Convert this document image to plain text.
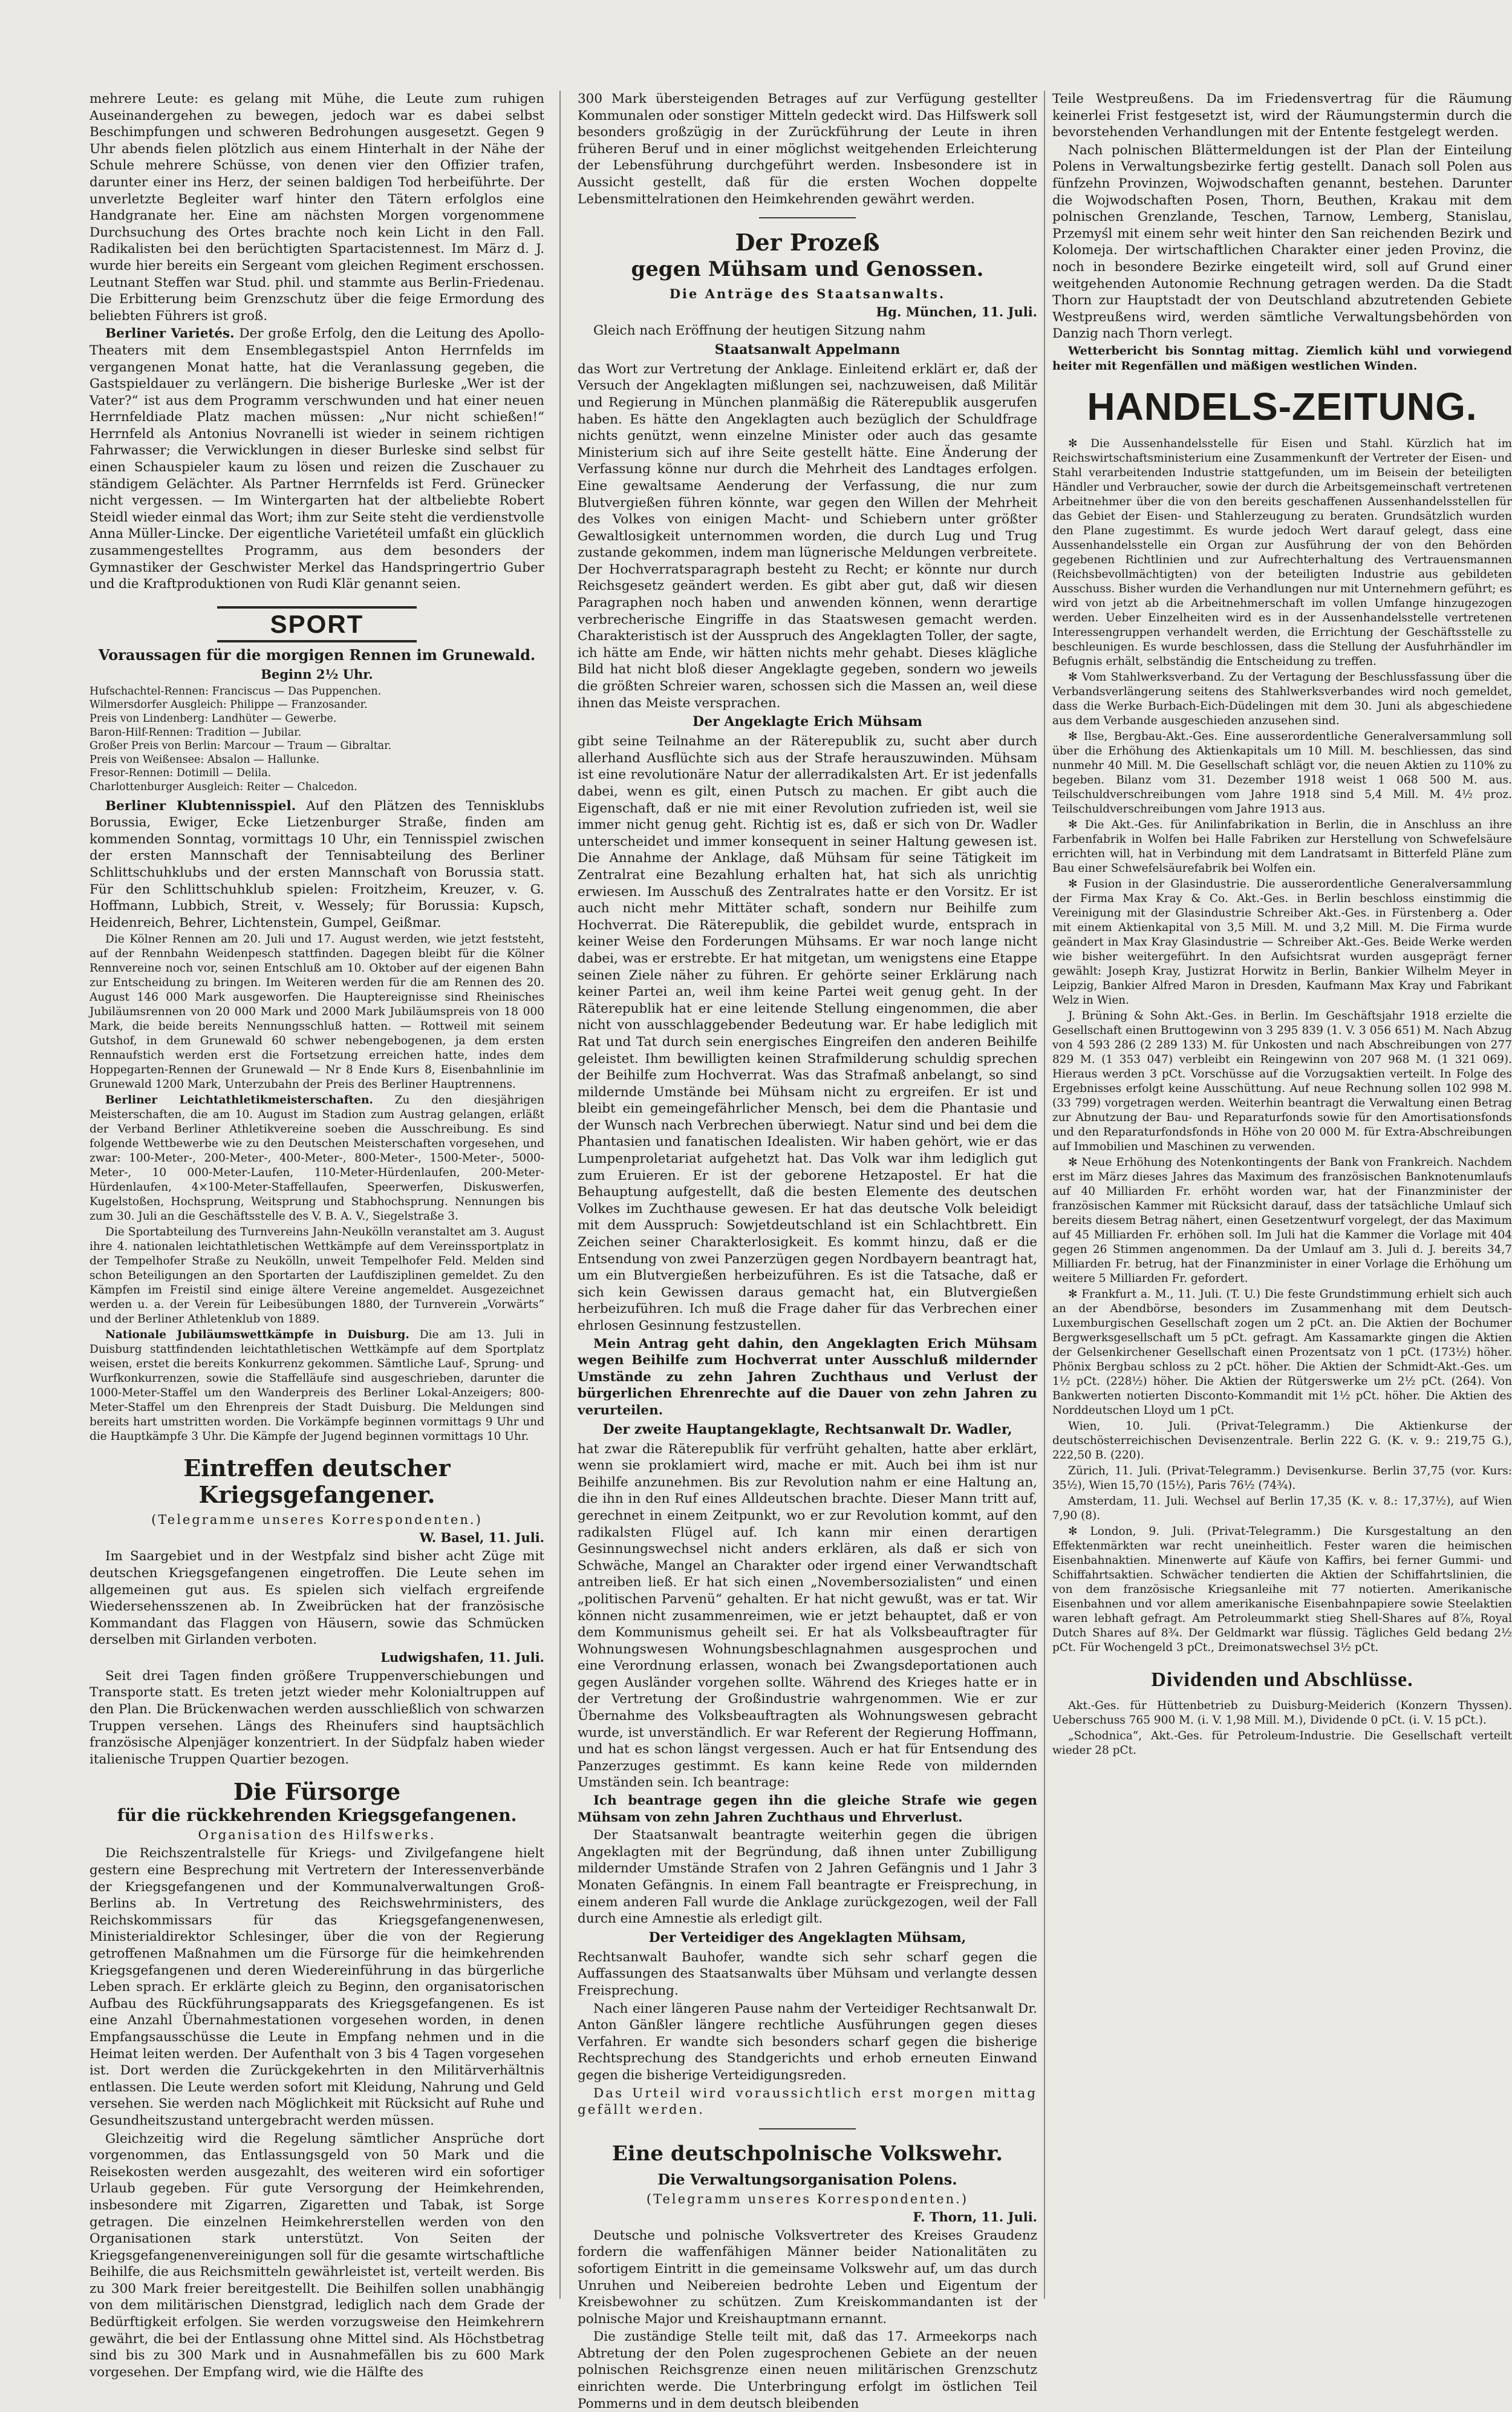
mehrere Leute: es gelang mit Mühe, die Leute zum ruhigen Auseinandergehen zu bewegen, jedoch war es dabei selbst Beschimpfungen und schweren Bedrohungen ausgesetzt. Gegen 9 Uhr abends fielen plötzlich aus einem Hinterhalt in der Nähe der Schule mehrere Schüsse, von denen vier den Offizier trafen, darunter einer ins Herz, der seinen baldigen Tod herbeiführte. Der unverletzte Begleiter warf hinter den Tätern erfolglos eine Handgranate her. Eine am nächsten Morgen vorgenommene Durchsuchung des Ortes brachte noch kein Licht in den Fall. Radikalisten bei den berüchtigten Spartacistennest. Im März d. J. wurde hier bereits ein Sergeant vom gleichen Regiment erschossen. Leutnant Steffen war Stud. phil. und stammte aus Berlin-Friedenau. Die Erbitterung beim Grenzschutz über die feige Ermordung des beliebten Führers ist groß.

Berliner Varietés. Der große Erfolg, den die Leitung des Apollo-Theaters mit dem Ensemblegastspiel Anton Herrnfelds im vergangenen Monat hatte, hat die Veranlassung gegeben, die Gastspieldauer zu verlängern. Die bisherige Burleske „Wer ist der Vater?“ ist aus dem Programm verschwunden und hat einer neuen Herrnfeldiade Platz machen müssen: „Nur nicht schießen!“ Herrnfeld als Antonius Novranelli ist wieder in seinem richtigen Fahrwasser; die Verwicklungen in dieser Burleske sind selbst für einen Schauspieler kaum zu lösen und reizen die Zuschauer zu ständigem Gelächter. Als Partner Herrnfelds ist Ferd. Grünecker nicht vergessen. — Im Wintergarten hat der altbeliebte Robert Steidl wieder einmal das Wort; ihm zur Seite steht die verdienstvolle Anna Müller-Lincke. Der eigentliche Varietéteil umfaßt ein glücklich zusammengestelltes Programm, aus dem besonders der Gymnastiker der Geschwister Merkel das Handspringertrio Guber und die Kraftproduktionen von Rudi Klär genannt seien.

SPORT
Voraussagen für die morgigen Rennen im Grunewald.
Beginn 2½ Uhr.
Hufschachtel-Rennen: Franciscus — Das Puppenchen.
Wilmersdorfer Ausgleich: Philippe — Franzosander.
Preis von Lindenberg: Landhüter — Gewerbe.
Baron-Hilf-Rennen: Tradition — Jubilar.
Großer Preis von Berlin: Marcour — Traum — Gibraltar.
Preis von Weißensee: Absalon — Hallunke.
Fresor-Rennen: Dotimill — Delila.
Charlottenburger Ausgleich: Reiter — Chalcedon.

Berliner Klubtennisspiel. Auf den Plätzen des Tennisklubs Borussia, Ewiger, Ecke Lietzenburger Straße, finden am kommenden Sonntag, vormittags 10 Uhr, ein Tennisspiel zwischen der ersten Mannschaft der Tennisabteilung des Berliner Schlittschuhklubs und der ersten Mannschaft von Borussia statt. Für den Schlittschuhklub spielen: Froitzheim, Kreuzer, v. G. Hoffmann, Lubbich, Streit, v. Wessely; für Borussia: Kupsch, Heidenreich, Behrer, Lichtenstein, Gumpel, Geißmar.

Die Kölner Rennen am 20. Juli und 17. August werden, wie jetzt feststeht, auf der Rennbahn Weidenpesch stattfinden. Dagegen bleibt für die Kölner Rennvereine noch vor, seinen Entschluß am 10. Oktober auf der eigenen Bahn zur Entscheidung zu bringen. Im Weiteren werden für die am Rennen des 20. August 146 000 Mark ausgeworfen. Die Hauptereignisse sind Rheinisches Jubiläumsrennen von 20 000 Mark und 2000 Mark Jubiläumspreis von 18 000 Mark, die beide bereits Nennungsschluß hatten. — Rottweil mit seinem Gutshof, in dem Grunewald 60 schwer nebengebogenen, ja dem ersten Rennaufstich werden erst die Fortsetzung erreichen hatte, indes dem Hoppegarten-Rennen der Grunewald — Nr 8 Ende Kurs 8, Eisenbahnlinie im Grunewald 1200 Mark, Unterzubahn der Preis des Berliner Hauptrennens.

Berliner Leichtathletikmeisterschaften. Zu den diesjährigen Meisterschaften, die am 10. August im Stadion zum Austrag gelangen, erläßt der Verband Berliner Athletikvereine soeben die Ausschreibung. Es sind folgende Wettbewerbe wie zu den Deutschen Meisterschaften vorgesehen, und zwar: 100-Meter-, 200-Meter-, 400-Meter-, 800-Meter-, 1500-Meter-, 5000-Meter-, 10 000-Meter-Laufen, 110-Meter-Hürdenlaufen, 200-Meter-Hürdenlaufen, 4×100-Meter-Staffellaufen, Speerwerfen, Diskuswerfen, Kugelstoßen, Hochsprung, Weitsprung und Stabhochsprung. Nennungen bis zum 30. Juli an die Geschäftsstelle des V. B. A. V., Siegelstraße 3.

Die Sportabteilung des Turnvereins Jahn-Neukölln veranstaltet am 3. August ihre 4. nationalen leichtathletischen Wettkämpfe auf dem Vereinssportplatz in der Tempelhofer Straße zu Neukölln, unweit Tempelhofer Feld. Melden sind schon Beteiligungen an den Sportarten der Laufdisziplinen gemeldet. Zu den Kämpfen im Freistil sind einige ältere Vereine angemeldet. Ausgezeichnet werden u. a. der Verein für Leibesübungen 1880, der Turnverein „Vorwärts“ und der Berliner Athletenklub von 1889.

Nationale Jubiläumswettkämpfe in Duisburg. Die am 13. Juli in Duisburg stattfindenden leichtathletischen Wettkämpfe auf dem Sportplatz weisen, erstet die bereits Konkurrenz gekommen. Sämtliche Lauf-, Sprung- und Wurfkonkurrenzen, sowie die Staffelläufe sind ausgeschrieben, darunter die 1000-Meter-Staffel um den Wanderpreis des Berliner Lokal-Anzeigers; 800-Meter-Staffel um den Ehrenpreis der Stadt Duisburg. Die Meldungen sind bereits hart umstritten worden. Die Vorkämpfe beginnen vormittags 9 Uhr und die Hauptkämpfe 3 Uhr. Die Kämpfe der Jugend beginnen vormittags 10 Uhr.

Eintreffen deutscher Kriegsgefangener.
(Telegramme unseres Korrespondenten.)
W. Basel, 11. Juli.

Im Saargebiet und in der Westpfalz sind bisher acht Züge mit deutschen Kriegsgefangenen eingetroffen. Die Leute sehen im allgemeinen gut aus. Es spielen sich vielfach ergreifende Wiedersehensszenen ab. In Zweibrücken hat der französische Kommandant das Flaggen von Häusern, sowie das Schmücken derselben mit Girlanden verboten.

Ludwigshafen, 11. Juli.

Seit drei Tagen finden größere Truppenverschiebungen und Transporte statt. Es treten jetzt wieder mehr Kolonialtruppen auf den Plan. Die Brückenwachen werden ausschließlich von schwarzen Truppen versehen. Längs des Rheinufers sind hauptsächlich französische Alpenjäger konzentriert. In der Südpfalz haben wieder italienische Truppen Quartier bezogen.

Die Fürsorge
für die rückkehrenden Kriegsgefangenen.
Organisation des Hilfswerks.

Die Reichszentralstelle für Kriegs- und Zivilgefangene hielt gestern eine Besprechung mit Vertretern der Interessenverbände der Kriegsgefangenen und der Kommunalverwaltungen Groß-Berlins ab. In Vertretung des Reichswehrministers, des Reichskommissars für das Kriegsgefangenenwesen, Ministerialdirektor Schlesinger, über die von der Regierung getroffenen Maßnahmen um die Fürsorge für die heimkehrenden Kriegsgefangenen und deren Wiedereinführung in das bürgerliche Leben sprach. Er erklärte gleich zu Beginn, den organisatorischen Aufbau des Rückführungsapparats des Kriegsgefangenen. Es ist eine Anzahl Übernahmestationen vorgesehen worden, in denen Empfangsausschüsse die Leute in Empfang nehmen und in die Heimat leiten werden. Der Aufenthalt von 3 bis 4 Tagen vorgesehen ist. Dort werden die Zurückgekehrten in den Militärverhältnis entlassen. Die Leute werden sofort mit Kleidung, Nahrung und Geld versehen. Sie werden nach Möglichkeit mit Rücksicht auf Ruhe und Gesundheitszustand untergebracht werden müssen.

Gleichzeitig wird die Regelung sämtlicher Ansprüche dort vorgenommen, das Entlassungsgeld von 50 Mark und die Reisekosten werden ausgezahlt, des weiteren wird ein sofortiger Urlaub gegeben. Für gute Versorgung der Heimkehrenden, insbesondere mit Zigarren, Zigaretten und Tabak, ist Sorge getragen. Die einzelnen Heimkehrerstellen werden von den Organisationen stark unterstützt. Von Seiten der Kriegsgefangenenvereinigungen soll für die gesamte wirtschaftliche Beihilfe, die aus Reichsmitteln gewährleistet ist, verteilt werden. Bis zu 300 Mark freier bereitgestellt. Die Beihilfen sollen unabhängig von dem militärischen Dienstgrad, lediglich nach dem Grade der Bedürftigkeit erfolgen. Sie werden vorzugsweise den Heimkehrern gewährt, die bei der Entlassung ohne Mittel sind. Als Höchstbetrag sind bis zu 300 Mark und in Ausnahmefällen bis zu 600 Mark vorgesehen. Der Empfang wird, wie die Hälfte des

300 Mark übersteigenden Betrages auf zur Verfügung gestellter Kommunalen oder sonstiger Mitteln gedeckt wird. Das Hilfswerk soll besonders großzügig in der Zurückführung der Leute in ihren früheren Beruf und in einer möglichst weitgehenden Erleichterung der Lebensführung durchgeführt werden. Insbesondere ist in Aussicht gestellt, daß für die ersten Wochen doppelte Lebensmittelrationen den Heimkehrenden gewährt werden.

Der Prozeß
gegen Mühsam und Genossen.
Die Anträge des Staatsanwalts.
Hg. München, 11. Juli.

Gleich nach Eröffnung der heutigen Sitzung nahm

Staatsanwalt Appelmann

das Wort zur Vertretung der Anklage. Einleitend erklärt er, daß der Versuch der Angeklagten mißlungen sei, nachzuweisen, daß Militär und Regierung in München planmäßig die Räterepublik ausgerufen haben. Es hätte den Angeklagten auch bezüglich der Schuldfrage nichts genützt, wenn einzelne Minister oder auch das gesamte Ministerium sich auf ihre Seite gestellt hätte. Eine Änderung der Verfassung könne nur durch die Mehrheit des Landtages erfolgen. Eine gewaltsame Aenderung der Verfassung, die nur zum Blutvergießen führen könnte, war gegen den Willen der Mehrheit des Volkes von einigen Macht- und Schiebern unter größter Gewaltlosigkeit unternommen worden, die durch Lug und Trug zustande gekommen, indem man lügnerische Meldungen verbreitete. Der Hochverratsparagraph besteht zu Recht; er könnte nur durch Reichsgesetz geändert werden. Es gibt aber gut, daß wir diesen Paragraphen noch haben und anwenden können, wenn derartige verbrecherische Eingriffe in das Staatswesen gemacht werden. Charakteristisch ist der Ausspruch des Angeklagten Toller, der sagte, ich hätte am Ende, wir hätten nichts mehr gehabt. Dieses klägliche Bild hat nicht bloß dieser Angeklagte gegeben, sondern wo jeweils die größten Schreier waren, schossen sich die Massen an, weil diese ihnen das Meiste versprachen.

Der Angeklagte Erich Mühsam

gibt seine Teilnahme an der Räterepublik zu, sucht aber durch allerhand Ausflüchte sich aus der Strafe herauszuwinden. Mühsam ist eine revolutionäre Natur der allerradikalsten Art. Er ist jedenfalls dabei, wenn es gilt, einen Putsch zu machen. Er gibt auch die Eigenschaft, daß er nie mit einer Revolution zufrieden ist, weil sie immer nicht genug geht. Richtig ist es, daß er sich von Dr. Wadler unterscheidet und immer konsequent in seiner Haltung gewesen ist. Die Annahme der Anklage, daß Mühsam für seine Tätigkeit im Zentralrat eine Bezahlung erhalten hat, hat sich als unrichtig erwiesen. Im Ausschuß des Zentralrates hatte er den Vorsitz. Er ist auch nicht mehr Mittäter schaft, sondern nur Beihilfe zum Hochverrat. Die Räterepublik, die gebildet wurde, entsprach in keiner Weise den Forderungen Mühsams. Er war noch lange nicht dabei, was er erstrebte. Er hat mitgetan, um wenigstens eine Etappe seinen Ziele näher zu führen. Er gehörte seiner Erklärung nach keiner Partei an, weil ihm keine Partei weit genug geht. In der Räterepublik hat er eine leitende Stellung eingenommen, die aber nicht von ausschlaggebender Bedeutung war. Er habe lediglich mit Rat und Tat durch sein energisches Eingreifen den anderen Beihilfe geleistet. Ihm bewilligten keinen Strafmilderung schuldig sprechen der Beihilfe zum Hochverrat. Was das Strafmaß anbelangt, so sind mildernde Umstände bei Mühsam nicht zu ergreifen. Er ist und bleibt ein gemeingefährlicher Mensch, bei dem die Phantasie und der Wunsch nach Verbrechen überwiegt. Natur sind und bei dem die Phantasien und fanatischen Idealisten. Wir haben gehört, wie er das Lumpenproletariat aufgehetzt hat. Das Volk war ihm lediglich gut zum Eruieren. Er ist der geborene Hetzapostel. Er hat die Behauptung aufgestellt, daß die besten Elemente des deutschen Volkes im Zuchthause gewesen. Er hat das deutsche Volk beleidigt mit dem Ausspruch: Sowjetdeutschland ist ein Schlachtbrett. Ein Zeichen seiner Charakterlosigkeit. Es kommt hinzu, daß er die Entsendung von zwei Panzerzügen gegen Nordbayern beantragt hat, um ein Blutvergießen herbeizuführen. Es ist die Tatsache, daß er sich kein Gewissen daraus gemacht hat, ein Blutvergießen herbeizuführen. Ich muß die Frage daher für das Verbrechen einer ehrlosen Gesinnung festzustellen.

Mein Antrag geht dahin, den Angeklagten Erich Mühsam wegen Beihilfe zum Hochverrat unter Ausschluß mildernder Umstände zu zehn Jahren Zuchthaus und Verlust der bürgerlichen Ehrenrechte auf die Dauer von zehn Jahren zu verurteilen.

Der zweite Hauptangeklagte, Rechtsanwalt Dr. Wadler,

hat zwar die Räterepublik für verfrüht gehalten, hatte aber erklärt, wenn sie proklamiert wird, mache er mit. Auch bei ihm ist nur Beihilfe anzunehmen. Bis zur Revolution nahm er eine Haltung an, die ihn in den Ruf eines Alldeutschen brachte. Dieser Mann tritt auf, gerechnet in einem Zeitpunkt, wo er zur Revolution kommt, auf den radikalsten Flügel auf. Ich kann mir einen derartigen Gesinnungswechsel nicht anders erklären, als daß er sich von Schwäche, Mangel an Charakter oder irgend einer Verwandtschaft antreiben ließ. Er hat sich einen „Novembersozialisten“ und einen „politischen Parvenü“ gehalten. Er hat nicht gewußt, was er tat. Wir können nicht zusammenreimen, wie er jetzt behauptet, daß er von dem Kommunismus geheilt sei. Er hat als Volksbeauftragter für Wohnungswesen Wohnungsbeschlagnahmen ausgesprochen und eine Verordnung erlassen, wonach bei Zwangsdeportationen auch gegen Ausländer vorgehen sollte. Während des Krieges hatte er in der Vertretung der Großindustrie wahrgenommen. Wie er zur Übernahme des Volksbeauftragten als Wohnungswesen gebracht wurde, ist unverständlich. Er war Referent der Regierung Hoffmann, und hat es schon längst vergessen. Auch er hat für Entsendung des Panzerzuges gestimmt. Es kann keine Rede von mildernden Umständen sein. Ich beantrage:

Ich beantrage gegen ihn die gleiche Strafe wie gegen Mühsam von zehn Jahren Zuchthaus und Ehrverlust.

Der Staatsanwalt beantragte weiterhin gegen die übrigen Angeklagten mit der Begründung, daß ihnen unter Zubilligung mildernder Umstände Strafen von 2 Jahren Gefängnis und 1 Jahr 3 Monaten Gefängnis. In einem Fall beantragte er Freisprechung, in einem anderen Fall wurde die Anklage zurückgezogen, weil der Fall durch eine Amnestie als erledigt gilt.

Der Verteidiger des Angeklagten Mühsam,

Rechtsanwalt Bauhofer, wandte sich sehr scharf gegen die Auffassungen des Staatsanwalts über Mühsam und verlangte dessen Freisprechung.

Nach einer längeren Pause nahm der Verteidiger Rechtsanwalt Dr. Anton Gänßler längere rechtliche Ausführungen gegen dieses Verfahren. Er wandte sich besonders scharf gegen die bisherige Rechtsprechung des Standgerichts und erhob erneuten Einwand gegen die bisherige Verteidigungsreden.

Das Urteil wird voraussichtlich erst morgen mittag gefällt werden.

Eine deutschpolnische Volkswehr.
Die Verwaltungsorganisation Polens.
(Telegramm unseres Korrespondenten.)
F. Thorn, 11. Juli.

Deutsche und polnische Volksvertreter des Kreises Graudenz fordern die waffenfähigen Männer beider Nationalitäten zu sofortigem Eintritt in die gemeinsame Volkswehr auf, um das durch Unruhen und Neibereien bedrohte Leben und Eigentum der Kreisbewohner zu schützen. Zum Kreiskommandanten ist der polnische Major und Kreishauptmann ernannt.

Die zuständige Stelle teilt mit, daß das 17. Armeekorps nach Abtretung der den Polen zugesprochenen Gebiete an der neuen polnischen Reichsgrenze einen neuen militärischen Grenzschutz einrichten werde. Die Unterbringung erfolgt im östlichen Teil Pommerns und in dem deutsch bleibenden

Teile Westpreußens. Da im Friedensvertrag für die Räumung keinerlei Frist festgesetzt ist, wird der Räumungstermin durch die bevorstehenden Verhandlungen mit der Entente festgelegt werden.

Nach polnischen Blättermeldungen ist der Plan der Einteilung Polens in Verwaltungsbezirke fertig gestellt. Danach soll Polen aus fünfzehn Provinzen, Wojwodschaften genannt, bestehen. Darunter die Wojwodschaften Posen, Thorn, Beuthen, Krakau mit dem polnischen Grenzlande, Teschen, Tarnow, Lemberg, Stanislau, Przemyśl mit einem sehr weit hinter den San reichenden Bezirk und Kolomeja. Der wirtschaftlichen Charakter einer jeden Provinz, die noch in besondere Bezirke eingeteilt wird, soll auf Grund einer weitgehenden Autonomie Rechnung getragen werden. Da die Stadt Thorn zur Hauptstadt der von Deutschland abzutretenden Gebiete Westpreußens wird, werden sämtliche Verwaltungsbehörden von Danzig nach Thorn verlegt.

Wetterbericht bis Sonntag mittag. Ziemlich kühl und vorwiegend heiter mit Regenfällen und mäßigen westlichen Winden.

HANDELS-ZEITUNG.

✻ Die Aussenhandelsstelle für Eisen und Stahl. Kürzlich hat im Reichswirtschaftsministerium eine Zusammenkunft der Vertreter der Eisen- und Stahl verarbeitenden Industrie stattgefunden, um im Beisein der beteiligten Händler und Verbraucher, sowie der durch die Arbeitsgemeinschaft vertretenen Arbeitnehmer über die von den bereits geschaffenen Aussenhandelsstellen für das Gebiet der Eisen- und Stahlerzeugung zu beraten. Grundsätzlich wurden den Plane zugestimmt. Es wurde jedoch Wert darauf gelegt, dass eine Aussenhandelsstelle ein Organ zur Ausführung der von den Behörden gegebenen Richtlinien und zur Aufrechterhaltung des Vertrauensmannen (Reichsbevollmächtigten) von der beteiligten Industrie aus gebildeten Ausschuss. Bisher wurden die Verhandlungen nur mit Unternehmern geführt; es wird von jetzt ab die Arbeitnehmerschaft im vollen Umfange hinzugezogen werden. Ueber Einzelheiten wird es in der Aussenhandelsstelle vertretenen Interessengruppen verhandelt werden, die Errichtung der Geschäftsstelle zu beschleunigen. Es wurde beschlossen, dass die Stellung der Ausfuhrhändler im Befugnis erhält, selbständig die Entscheidung zu treffen.

✻ Vom Stahlwerksverband. Zu der Vertagung der Beschlussfassung über die Verbandsverlängerung seitens des Stahlwerksverbandes wird noch gemeldet, dass die Werke Burbach-Eich-Düdelingen mit dem 30. Juni als abgeschiedene aus dem Verbande ausgeschieden anzusehen sind.

✻ Ilse, Bergbau-Akt.-Ges. Eine ausserordentliche Generalversammlung soll über die Erhöhung des Aktienkapitals um 10 Mill. M. beschliessen, das sind nunmehr 40 Mill. M. Die Gesellschaft schlägt vor, die neuen Aktien zu 110% zu begeben. Bilanz vom 31. Dezember 1918 weist 1 068 500 M. aus. Teilschuldverschreibungen vom Jahre 1918 sind 5,4 Mill. M. 4½ proz. Teilschuldverschreibungen vom Jahre 1913 aus.

✻ Die Akt.-Ges. für Anilinfabrikation in Berlin, die in Anschluss an ihre Farbenfabrik in Wolfen bei Halle Fabriken zur Herstellung von Schwefelsäure errichten will, hat in Verbindung mit dem Landratsamt in Bitterfeld Pläne zum Bau einer Schwefelsäurefabrik bei Wolfen ein.

✻ Fusion in der Glasindustrie. Die ausserordentliche Generalversammlung der Firma Max Kray & Co. Akt.-Ges. in Berlin beschloss einstimmig die Vereinigung mit der Glasindustrie Schreiber Akt.-Ges. in Fürstenberg a. Oder mit einem Aktienkapital von 3,5 Mill. M. und 3,2 Mill. M. Die Firma wurde geändert in Max Kray Glasindustrie — Schreiber Akt.-Ges. Beide Werke werden wie bisher weitergeführt. In den Aufsichtsrat wurden ausgeprägt ferner gewählt: Joseph Kray, Justizrat Horwitz in Berlin, Bankier Wilhelm Meyer in Leipzig, Bankier Alfred Maron in Dresden, Kaufmann Max Kray und Fabrikant Welz in Wien.

J. Brüning & Sohn Akt.-Ges. in Berlin. Im Geschäftsjahr 1918 erzielte die Gesellschaft einen Bruttogewinn von 3 295 839 (1. V. 3 056 651) M. Nach Abzug von 4 593 286 (2 289 133) M. für Unkosten und nach Abschreibungen von 277 829 M. (1 353 047) verbleibt ein Reingewinn von 207 968 M. (1 321 069). Hieraus werden 3 pCt. Vorschüsse auf die Vorzugsaktien verteilt. In Folge des Ergebnisses erfolgt keine Ausschüttung. Auf neue Rechnung sollen 102 998 M. (33 799) vorgetragen werden. Weiterhin beantragt die Verwaltung einen Betrag zur Abnutzung der Bau- und Reparaturfonds sowie für den Amortisationsfonds und den Reparaturfondsfonds in Höhe von 20 000 M. für Extra-Abschreibungen auf Immobilien und Maschinen zu verwenden.

✻ Neue Erhöhung des Notenkontingents der Bank von Frankreich. Nachdem erst im März dieses Jahres das Maximum des französischen Banknotenumlaufs auf 40 Milliarden Fr. erhöht worden war, hat der Finanzminister der französischen Kammer mit Rücksicht darauf, dass der tatsächliche Umlauf sich bereits diesem Betrag nähert, einen Gesetzentwurf vorgelegt, der das Maximum auf 45 Milliarden Fr. erhöhen soll. Im Juli hat die Kammer die Vorlage mit 404 gegen 26 Stimmen angenommen. Da der Umlauf am 3. Juli d. J. bereits 34,7 Milliarden Fr. betrug, hat der Finanzminister in einer Vorlage die Erhöhung um weitere 5 Milliarden Fr. gefordert.

✻ Frankfurt a. M., 11. Juli. (T. U.) Die feste Grundstimmung erhielt sich auch an der Abendbörse, besonders im Zusammenhang mit dem Deutsch-Luxemburgischen Gesellschaft zogen um 2 pCt. an. Die Aktien der Bochumer Bergwerksgesellschaft um 5 pCt. gefragt. Am Kassamarkte gingen die Aktien der Gelsenkirchener Gesellschaft einen Prozentsatz von 1 pCt. (173½) höher. Phönix Bergbau schloss zu 2 pCt. höher. Die Aktien der Schmidt-Akt.-Ges. um 1½ pCt. (228½) höher. Die Aktien der Rütgerswerke um 2½ pCt. (264). Von Bankwerten notierten Disconto-Kommandit mit 1½ pCt. höher. Die Aktien des Norddeutschen Lloyd um 1 pCt.

Wien, 10. Juli. (Privat-Telegramm.) Die Aktienkurse der deutschösterreichischen Devisenzentrale. Berlin 222 G. (K. v. 9.: 219,75 G.), 222,50 B. (220).

Zürich, 11. Juli. (Privat-Telegramm.) Devisenkurse. Berlin 37,75 (vor. Kurs: 35½), Wien 15,70 (15½), Paris 76½ (74¾).

Amsterdam, 11. Juli. Wechsel auf Berlin 17,35 (K. v. 8.: 17,37½), auf Wien 7,90 (8).

✻ London, 9. Juli. (Privat-Telegramm.) Die Kursgestaltung an den Effektenmärkten war recht uneinheitlich. Fester waren die heimischen Eisenbahnaktien. Minenwerte auf Käufe von Kaffirs, bei ferner Gummi- und Schiffahrtsaktien. Schwächer tendierten die Aktien der Schiffahrtslinien, die von dem französische Kriegsanleihe mit 77 notierten. Amerikanische Eisenbahnen und vor allem amerikanische Eisenbahnpapiere sowie Steelaktien waren lebhaft gefragt. Am Petroleummarkt stieg Shell-Shares auf 8⅞, Royal Dutch Shares auf 8¾. Der Geldmarkt war flüssig. Tägliches Geld bedang 2½ pCt. Für Wochengeld 3 pCt., Dreimonatswechsel 3½ pCt.

Dividenden und Abschlüsse.

Akt.-Ges. für Hüttenbetrieb zu Duisburg-Meiderich (Konzern Thyssen). Ueberschuss 765 900 M. (i. V. 1,98 Mill. M.), Dividende 0 pCt. (i. V. 15 pCt.).

„Schodnica“, Akt.-Ges. für Petroleum-Industrie. Die Gesellschaft verteilt wieder 28 pCt.
